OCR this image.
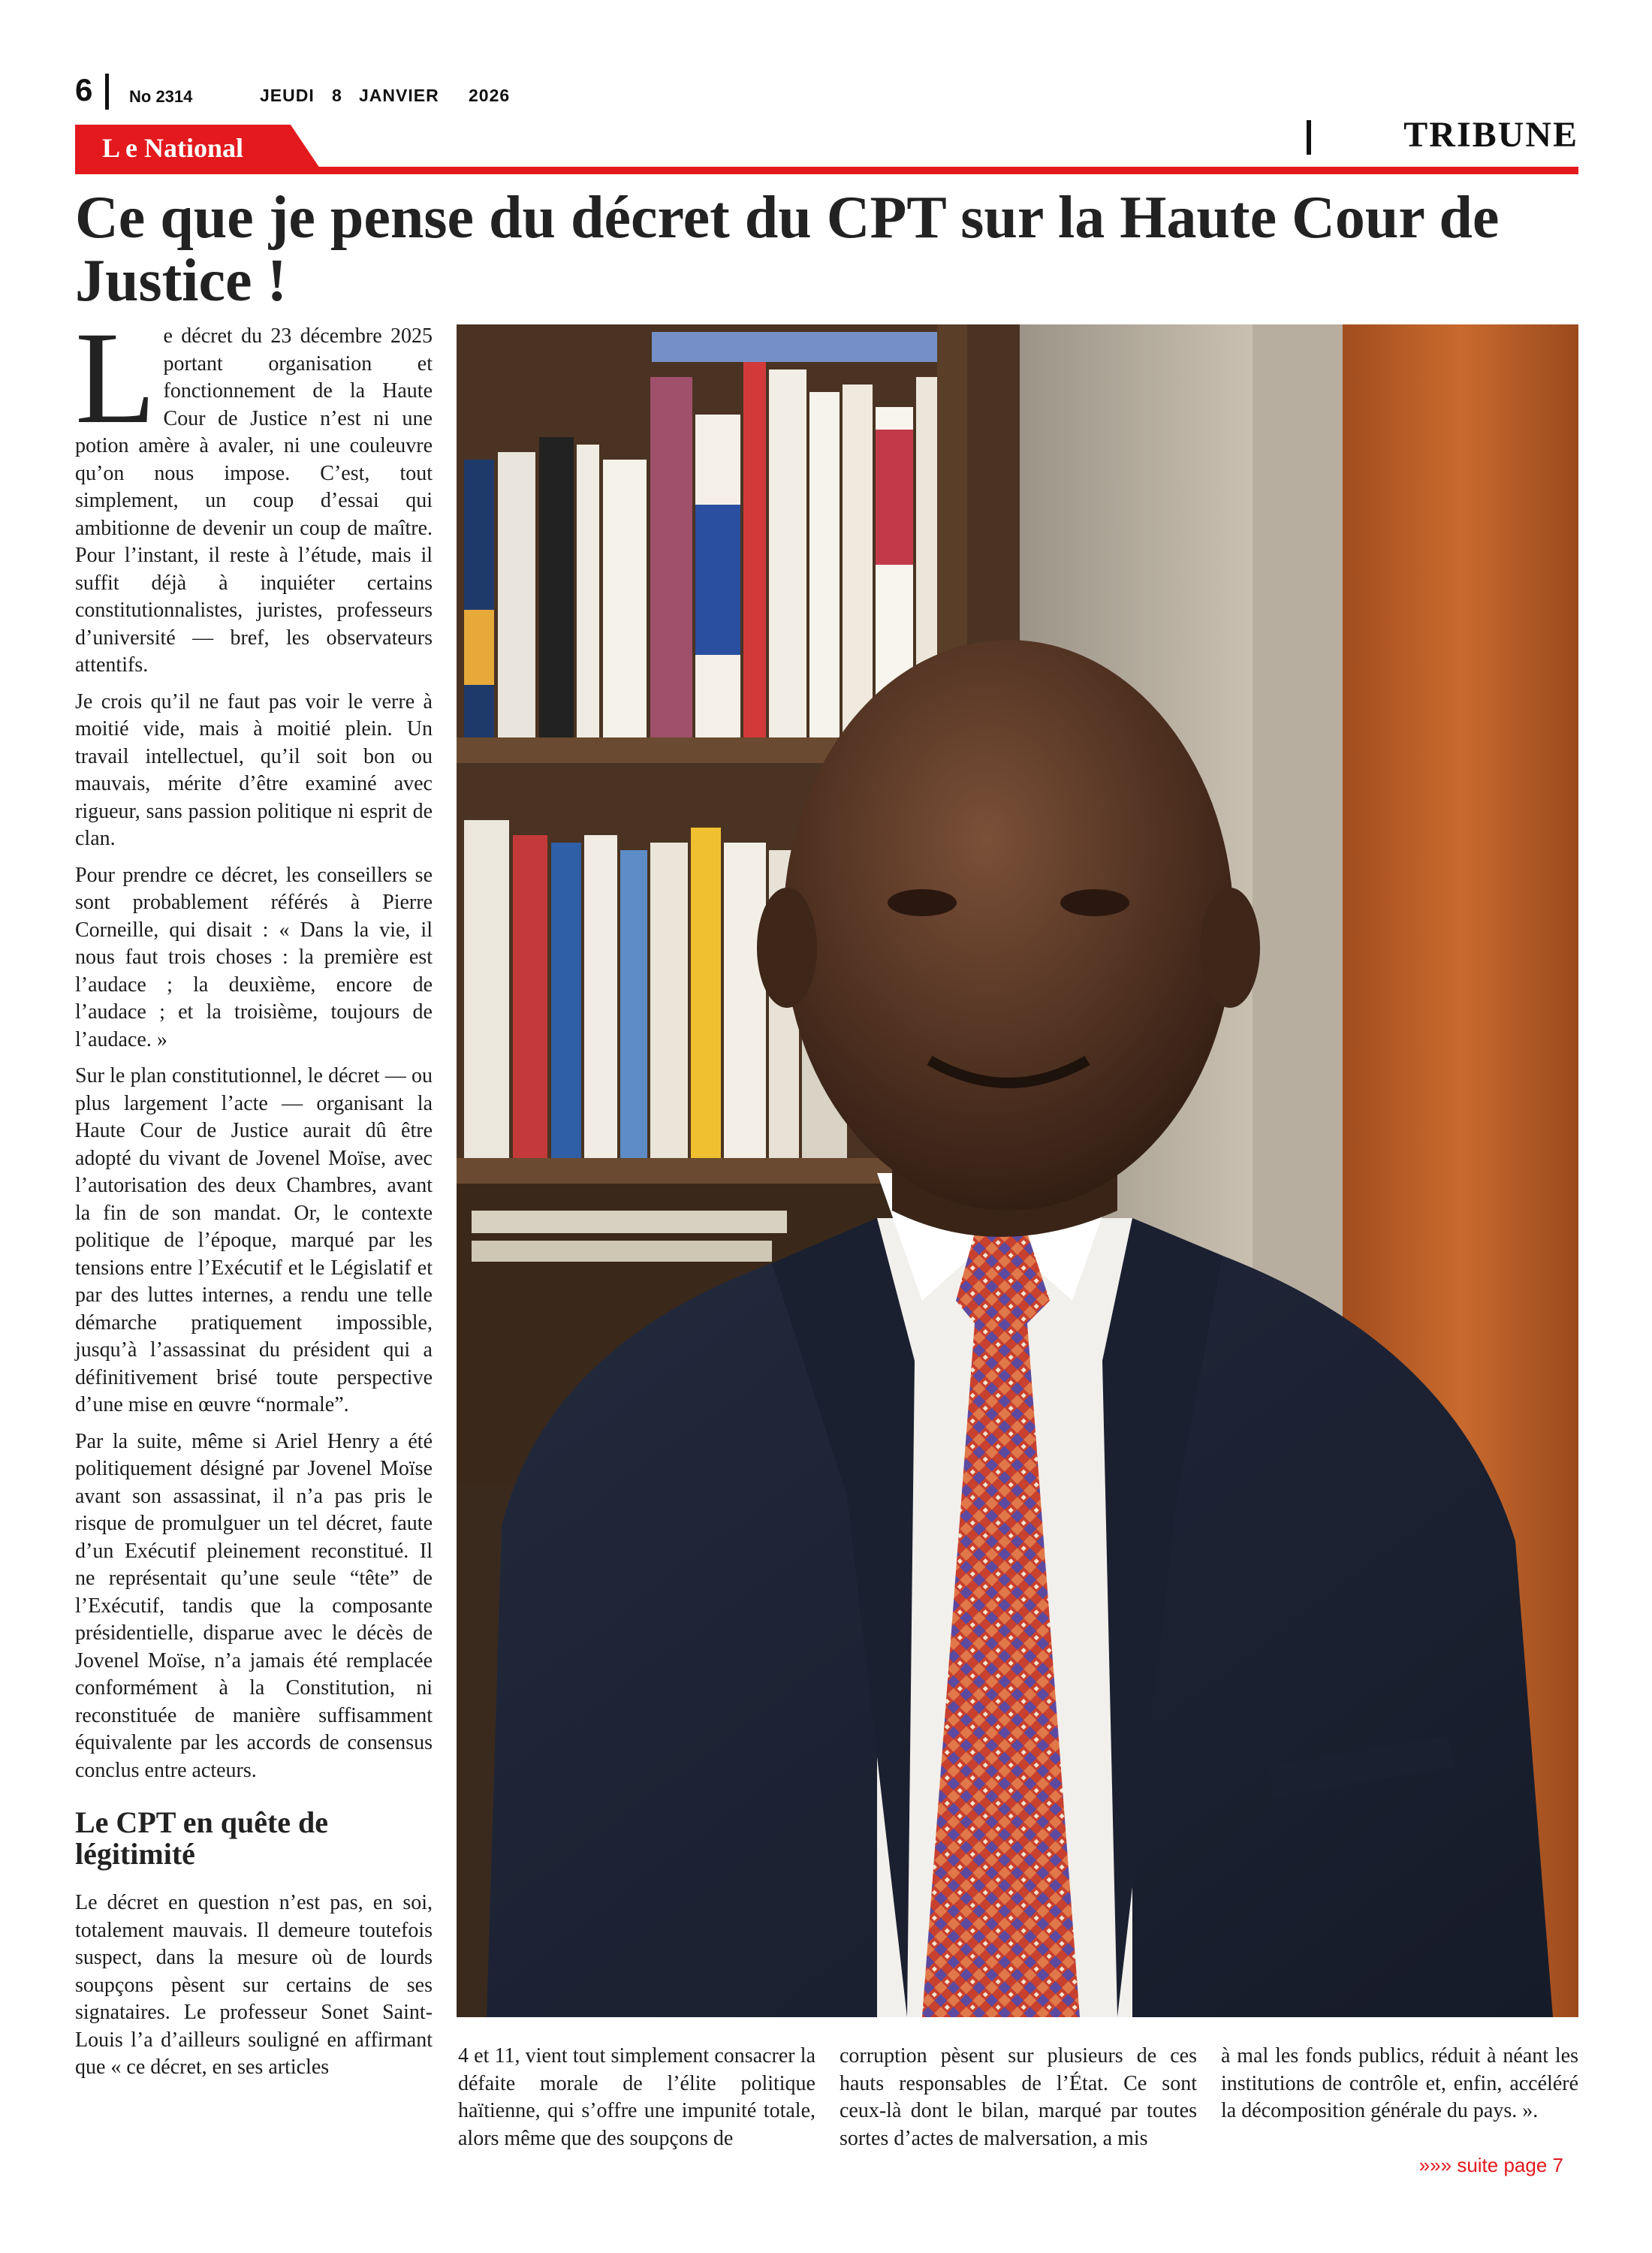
6 No 2314	JEUDI 8 JANVIER 2026
L e National	TRIBUNE
Ce que je pense du décret du CPT sur la Haute Cour de Justice !

Le décret du 23 décembre 2025 portant organisation et fonctionnement de la Haute Cour de Justice n’est ni une potion amère à avaler, ni une couleuvre qu’on nous impose. C’est, tout simplement, un coup d’essai qui ambitionne de devenir un coup de maître. Pour l’instant, il reste à l’étude, mais il suffit déjà à inquiéter certains constitutionnalistes, juristes, professeurs d’université — bref, les observateurs attentifs.

Je crois qu’il ne faut pas voir le verre à moitié vide, mais à moitié plein. Un travail intellectuel, qu’il soit bon ou mauvais, mérite d’être examiné avec rigueur, sans passion politique ni esprit de clan.

Pour prendre ce décret, les conseillers se sont probablement référés à Pierre Corneille, qui disait : « Dans la vie, il nous faut trois choses : la première est l’audace ; la deuxième, encore de l’audace ; et la troisième, toujours de l’audace. »

Sur le plan constitutionnel, le décret — ou plus largement l’acte — organisant la Haute Cour de Justice aurait dû être adopté du vivant de Jovenel Moïse, avec l’autorisation des deux Chambres, avant la fin de son mandat. Or, le contexte politique de l’époque, marqué par les tensions entre l’Exécutif et le Législatif et par des luttes internes, a rendu une telle démarche pratiquement impossible, jusqu’à l’assassinat du président qui a définitivement brisé toute perspective d’une mise en œuvre “normale”.

Par la suite, même si Ariel Henry a été politiquement désigné par Jovenel Moïse avant son assassinat, il n’a pas pris le risque de promulguer un tel décret, faute d’un Exécutif pleinement reconstitué. Il ne représentait qu’une seule “tête” de l’Exécutif, tandis que la composante présidentielle, disparue avec le décès de Jovenel Moïse, n’a jamais été remplacée conformément à la Constitution, ni reconstituée de manière suffisamment équivalente par les accords de consensus conclus entre acteurs.

Le CPT en quête de légitimité

Le décret en question n’est pas, en soi, totalement mauvais. Il demeure toutefois suspect, dans la mesure où de lourds soupçons pèsent sur certains de ses signataires. Le professeur Sonet Saint-Louis l’a d’ailleurs souligné en affirmant que « ce décret, en ses articles	4 et 11, vient tout simplement consacrer la défaite morale de l’élite politique haïtienne, qui s’offre une impunité totale, alors même que des soupçons de
corruption pèsent sur plusieurs de ces hauts responsables de l’État. Ce sont ceux-là dont le bilan, marqué par toutes sortes d’actes de malversation, a mis
à mal les fonds publics, réduit à néant les institutions de contrôle et, enfin, accéléré la décomposition générale du pays. ».
»»» suite page 7
